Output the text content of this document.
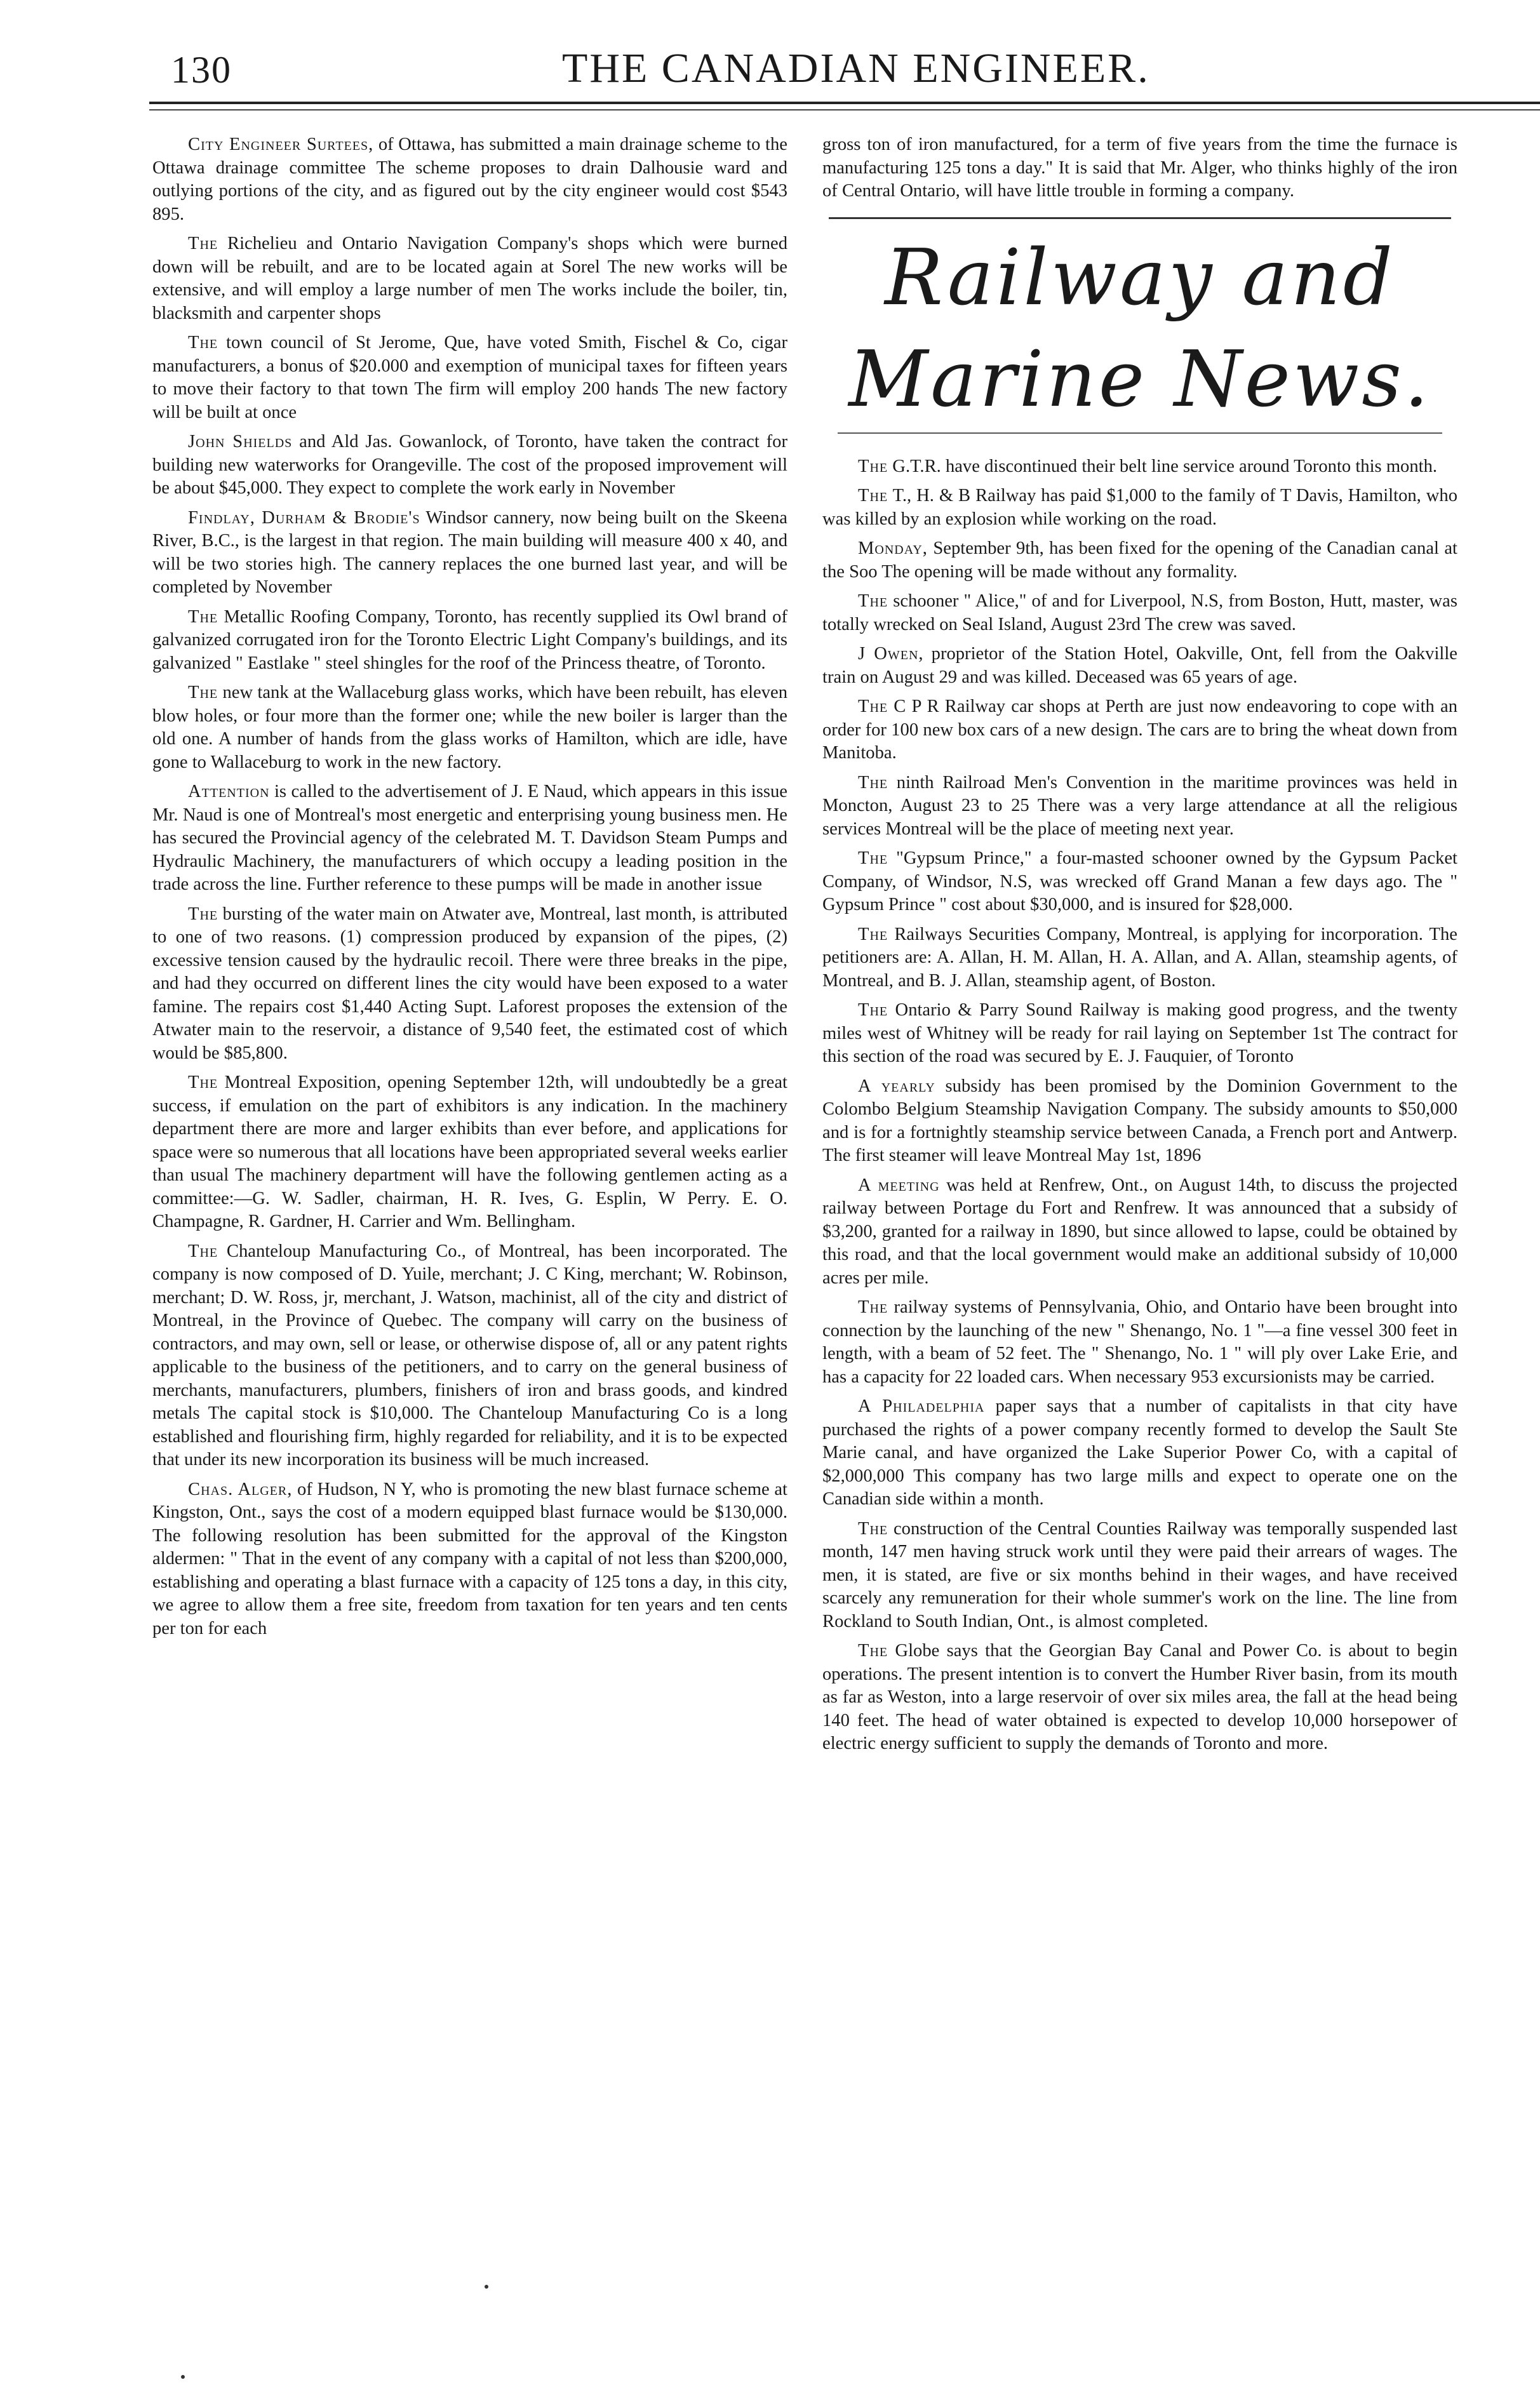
130	THE CANADIAN ENGINEER.

City Engineer Surtees, of Ottawa, has submitted a main drainage scheme to the Ottawa drainage committee The scheme proposes to drain Dalhousie ward and outlying portions of the city, and as figured out by the city engineer would cost $543 895.

The Richelieu and Ontario Navigation Company's shops which were burned down will be rebuilt, and are to be located again at Sorel The new works will be extensive, and will employ a large number of men The works include the boiler, tin, blacksmith and carpenter shops

The town council of St Jerome, Que, have voted Smith, Fischel & Co, cigar manufacturers, a bonus of $20.000 and exemption of municipal taxes for fifteen years to move their factory to that town The firm will employ 200 hands The new factory will be built at once

John Shields and Ald Jas. Gowanlock, of Toronto, have taken the contract for building new waterworks for Orangeville. The cost of the proposed improvement will be about $45,000. They expect to complete the work early in November

Findlay, Durham & Brodie's Windsor cannery, now being built on the Skeena River, B.C., is the largest in that region. The main building will measure 400 x 40, and will be two stories high. The cannery replaces the one burned last year, and will be completed by November

The Metallic Roofing Company, Toronto, has recently supplied its Owl brand of galvanized corrugated iron for the Toronto Electric Light Company's buildings, and its galvanized " Eastlake " steel shingles for the roof of the Princess theatre, of Toronto.

The new tank at the Wallaceburg glass works, which have been rebuilt, has eleven blow holes, or four more than the former one; while the new boiler is larger than the old one. A number of hands from the glass works of Hamilton, which are idle, have gone to Wallaceburg to work in the new factory.

Attention is called to the advertisement of J. E Naud, which appears in this issue Mr. Naud is one of Montreal's most energetic and enterprising young business men. He has secured the Provincial agency of the celebrated M. T. Davidson Steam Pumps and Hydraulic Machinery, the manufacturers of which occupy a leading position in the trade across the line. Further reference to these pumps will be made in another issue

The bursting of the water main on Atwater ave, Montreal, last month, is attributed to one of two reasons. (1) compression produced by expansion of the pipes, (2) excessive tension caused by the hydraulic recoil. There were three breaks in the pipe, and had they occurred on different lines the city would have been exposed to a water famine. The repairs cost $1,440 Acting Supt. Laforest proposes the extension of the Atwater main to the reservoir, a distance of 9,540 feet, the estimated cost of which would be $85,800.

The Montreal Exposition, opening September 12th, will undoubtedly be a great success, if emulation on the part of exhibitors is any indication. In the machinery department there are more and larger exhibits than ever before, and applications for space were so numerous that all locations have been appropriated several weeks earlier than usual The machinery department will have the following gentlemen acting as a committee:—G. W. Sadler, chairman, H. R. Ives, G. Esplin, W Perry. E. O. Champagne, R. Gardner, H. Carrier and Wm. Bellingham.

The Chanteloup Manufacturing Co., of Montreal, has been incorporated. The company is now composed of D. Yuile, merchant; J. C King, merchant; W. Robinson, merchant; D. W. Ross, jr, merchant, J. Watson, machinist, all of the city and district of Montreal, in the Province of Quebec. The company will carry on the business of contractors, and may own, sell or lease, or otherwise dispose of, all or any patent rights applicable to the business of the petitioners, and to carry on the general business of merchants, manufacturers, plumbers, finishers of iron and brass goods, and kindred metals The capital stock is $10,000. The Chanteloup Manufacturing Co is a long established and flourishing firm, highly regarded for reliability, and it is to be expected that under its new incorporation its business will be much increased.

Chas. Alger, of Hudson, N Y, who is promoting the new blast furnace scheme at Kingston, Ont., says the cost of a modern equipped blast furnace would be $130,000. The following resolution has been submitted for the approval of the Kingston aldermen: " That in the event of any company with a capital of not less than $200,000, establishing and operating a blast furnace with a capacity of 125 tons a day, in this city, we agree to allow them a free site, freedom from taxation for ten years and ten cents per ton for each

gross ton of iron manufactured, for a term of five years from the time the furnace is manufacturing 125 tons a day." It is said that Mr. Alger, who thinks highly of the iron of Central Ontario, will have little trouble in forming a company.

Railway and Marine News.

The G.T.R. have discontinued their belt line service around Toronto this month.

The T., H. & B Railway has paid $1,000 to the family of T Davis, Hamilton, who was killed by an explosion while working on the road.

Monday, September 9th, has been fixed for the opening of the Canadian canal at the Soo The opening will be made without any formality.

The schooner " Alice," of and for Liverpool, N.S, from Boston, Hutt, master, was totally wrecked on Seal Island, August 23rd The crew was saved.

J Owen, proprietor of the Station Hotel, Oakville, Ont, fell from the Oakville train on August 29 and was killed. Deceased was 65 years of age.

The C P R Railway car shops at Perth are just now endeavoring to cope with an order for 100 new box cars of a new design. The cars are to bring the wheat down from Manitoba.

The ninth Railroad Men's Convention in the maritime provinces was held in Moncton, August 23 to 25 There was a very large attendance at all the religious services Montreal will be the place of meeting next year.

The "Gypsum Prince," a four-masted schooner owned by the Gypsum Packet Company, of Windsor, N.S, was wrecked off Grand Manan a few days ago. The " Gypsum Prince " cost about $30,000, and is insured for $28,000.

The Railways Securities Company, Montreal, is applying for incorporation. The petitioners are: A. Allan, H. M. Allan, H. A. Allan, and A. Allan, steamship agents, of Montreal, and B. J. Allan, steamship agent, of Boston.

The Ontario & Parry Sound Railway is making good progress, and the twenty miles west of Whitney will be ready for rail laying on September 1st The contract for this section of the road was secured by E. J. Fauquier, of Toronto

A yearly subsidy has been promised by the Dominion Government to the Colombo Belgium Steamship Navigation Company. The subsidy amounts to $50,000 and is for a fortnightly steamship service between Canada, a French port and Antwerp. The first steamer will leave Montreal May 1st, 1896

A meeting was held at Renfrew, Ont., on August 14th, to discuss the projected railway between Portage du Fort and Renfrew. It was announced that a subsidy of $3,200, granted for a railway in 1890, but since allowed to lapse, could be obtained by this road, and that the local government would make an additional subsidy of 10,000 acres per mile.

The railway systems of Pennsylvania, Ohio, and Ontario have been brought into connection by the launching of the new " Shenango, No. 1 "—a fine vessel 300 feet in length, with a beam of 52 feet. The " Shenango, No. 1 " will ply over Lake Erie, and has a capacity for 22 loaded cars. When necessary 953 excursionists may be carried.

A Philadelphia paper says that a number of capitalists in that city have purchased the rights of a power company recently formed to develop the Sault Ste Marie canal, and have organized the Lake Superior Power Co, with a capital of $2,000,000 This company has two large mills and expect to operate one on the Canadian side within a month.

The construction of the Central Counties Railway was temporally suspended last month, 147 men having struck work until they were paid their arrears of wages. The men, it is stated, are five or six months behind in their wages, and have received scarcely any remuneration for their whole summer's work on the line. The line from Rockland to South Indian, Ont., is almost completed.

The Globe says that the Georgian Bay Canal and Power Co. is about to begin operations. The present intention is to convert the Humber River basin, from its mouth as far as Weston, into a large reservoir of over six miles area, the fall at the head being 140 feet. The head of water obtained is expected to develop 10,000 horsepower of electric energy sufficient to supply the demands of Toronto and more.
